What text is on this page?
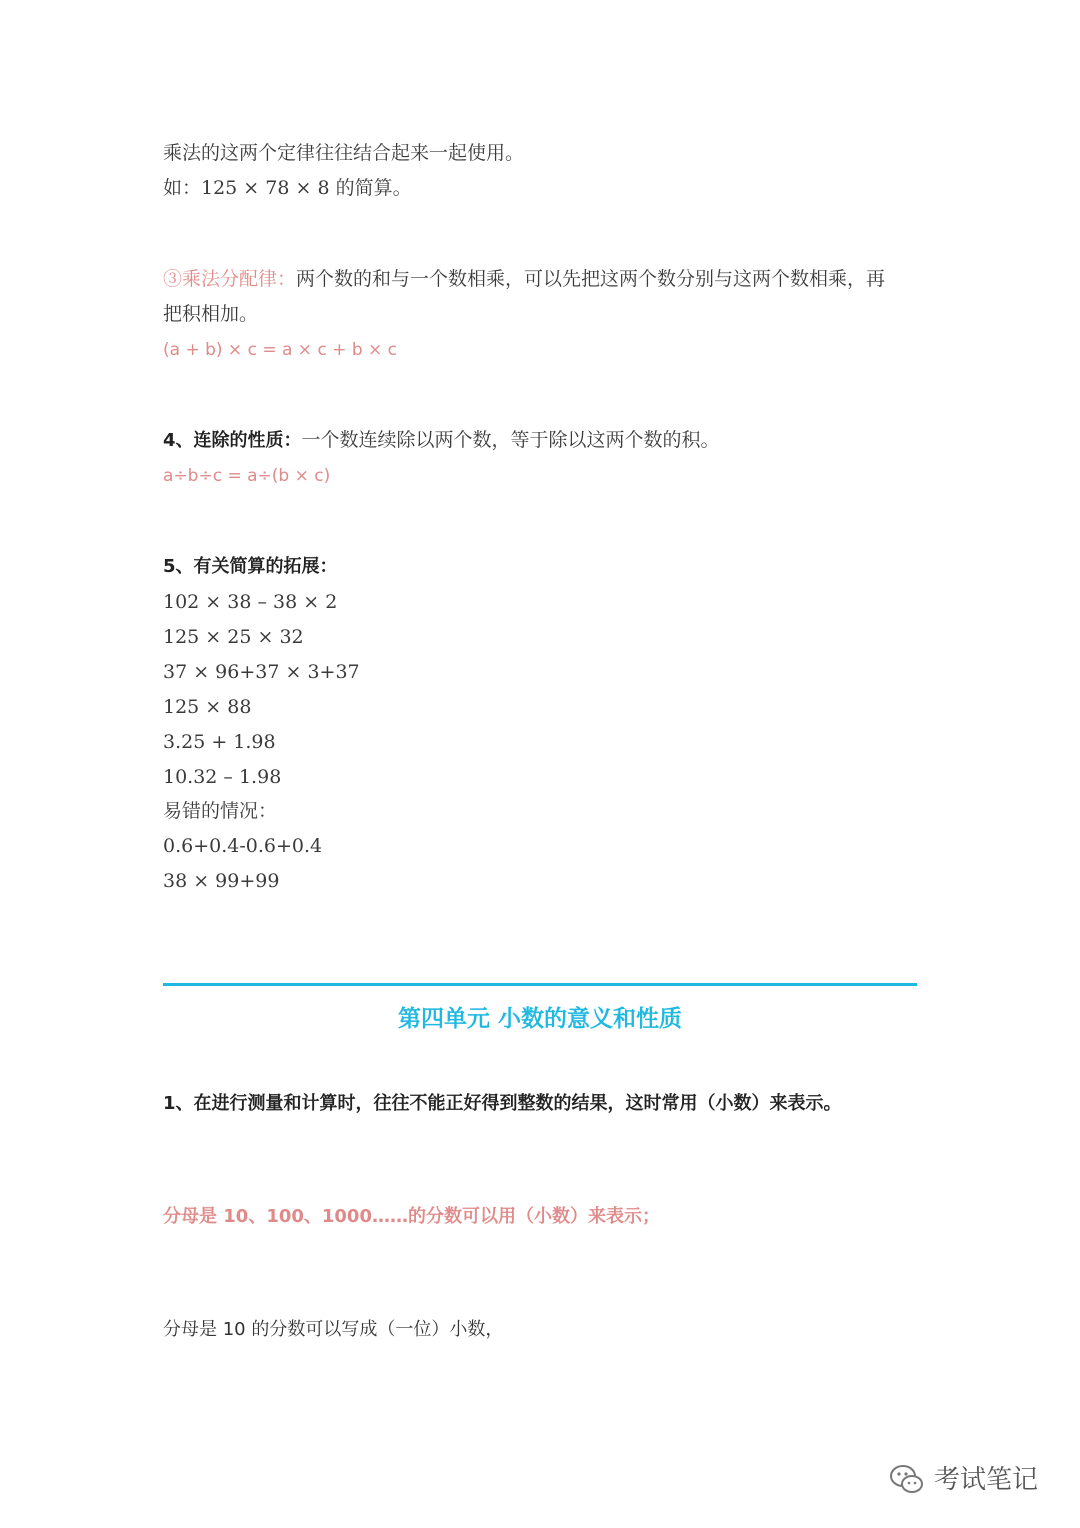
乘法的这两个定律往往结合起来一起使用。
如：125 × 78 × 8 的简算。
③乘法分配律：两个数的和与一个数相乘，可以先把这两个数分别与这两个数相乘，再
把积相加。
(a + b) × c = a × c + b × c
4、连除的性质：一个数连续除以两个数，等于除以这两个数的积。
a÷b÷c = a÷(b × c)
5、有关简算的拓展：
102 × 38 – 38 × 2
125 × 25 × 32
37 × 96+37 × 3+37
125 × 88
3.25 + 1.98
10.32 – 1.98
易错的情况：
0.6+0.4-0.6+0.4
38 × 99+99
第四单元 小数的意义和性质
1、在进行测量和计算时，往往不能正好得到整数的结果，这时常用（小数）来表示。
分母是 10、100、1000……的分数可以用（小数）来表示；
分母是 10 的分数可以写成（一位）小数，
考试笔记
